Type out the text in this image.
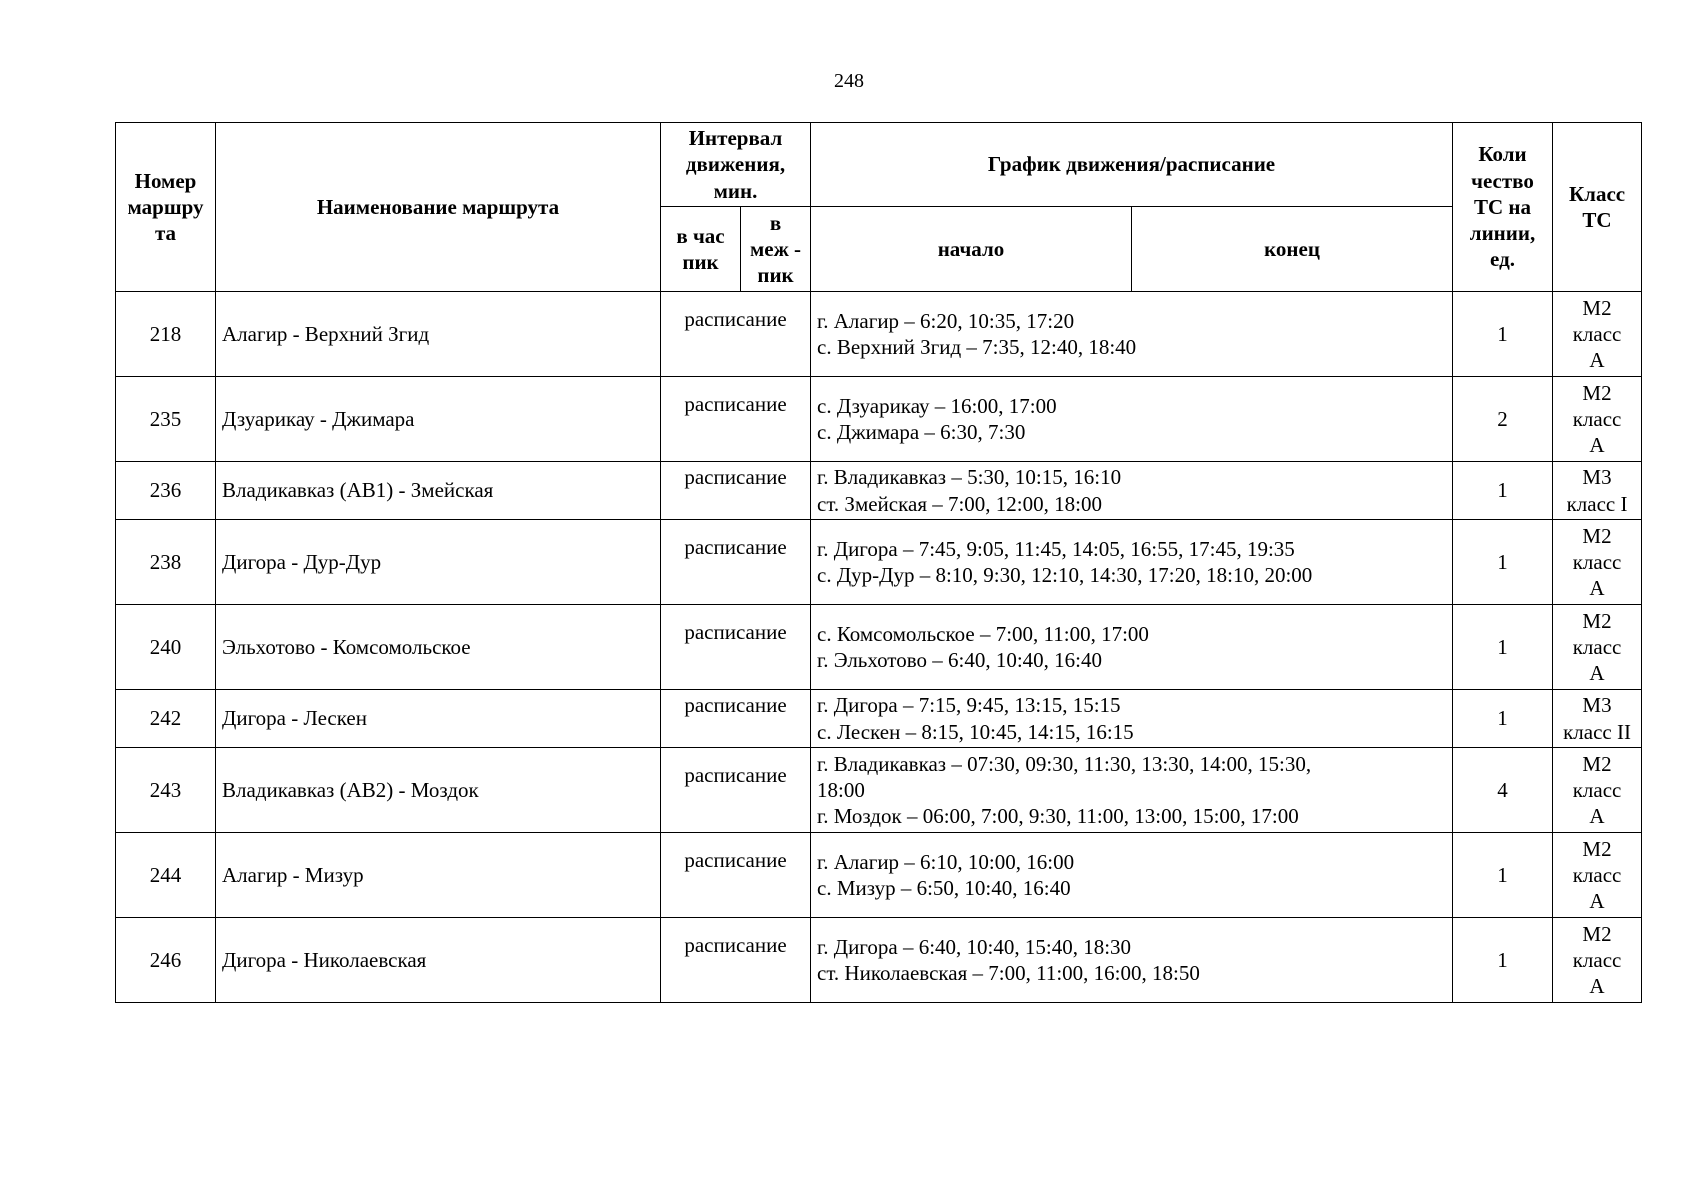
248
Номер
маршру
та	Наименование маршрута	Интервал
движения,
мин.		График движения/расписание		Коли
чество
ТС на
линии,
ед.	Класс
ТС

		в час
пик	в
меж -
пик	начало	конец		
218	Алагир - Верхний Згид	расписание		г. Алагир – 6:20, 10:35, 17:20
с. Верхний Згид – 7:35, 12:40, 18:40		1	М2
класс
А

235	Дзуарикау - Джимара	расписание		с. Дзуарикау – 16:00, 17:00
с. Джимара – 6:30, 7:30		2	М2
класс
А

236	Владикавказ (АВ1) - Змейская	расписание		г. Владикавказ – 5:30, 10:15, 16:10
ст. Змейская – 7:00, 12:00, 18:00		1	М3
класс I

238	Дигора - Дур-Дур	расписание		г. Дигора – 7:45, 9:05, 11:45, 14:05, 16:55, 17:45, 19:35
с. Дур-Дур – 8:10, 9:30, 12:10, 14:30, 17:20, 18:10, 20:00		1	М2
класс
А

240	Эльхотово - Комсомольское	расписание		с. Комсомольское – 7:00, 11:00, 17:00
г. Эльхотово – 6:40, 10:40, 16:40		1	М2
класс
А

242	Дигора - Лескен	расписание		г. Дигора – 7:15, 9:45, 13:15, 15:15
с. Лескен – 8:15, 10:45, 14:15, 16:15		1	М3
класс II

243	Владикавказ (АВ2) - Моздок	расписание		г. Владикавказ – 07:30, 09:30, 11:30, 13:30, 14:00, 15:30,
18:00
г. Моздок – 06:00, 7:00, 9:30, 11:00, 13:00, 15:00, 17:00		4	М2
класс
А

244	Алагир - Мизур	расписание		г. Алагир – 6:10, 10:00, 16:00
с. Мизур – 6:50, 10:40, 16:40		1	М2
класс
А

246	Дигора - Николаевская	расписание		г. Дигора – 6:40, 10:40, 15:40, 18:30
ст. Николаевская – 7:00, 11:00, 16:00, 18:50		1	М2
класс
А
